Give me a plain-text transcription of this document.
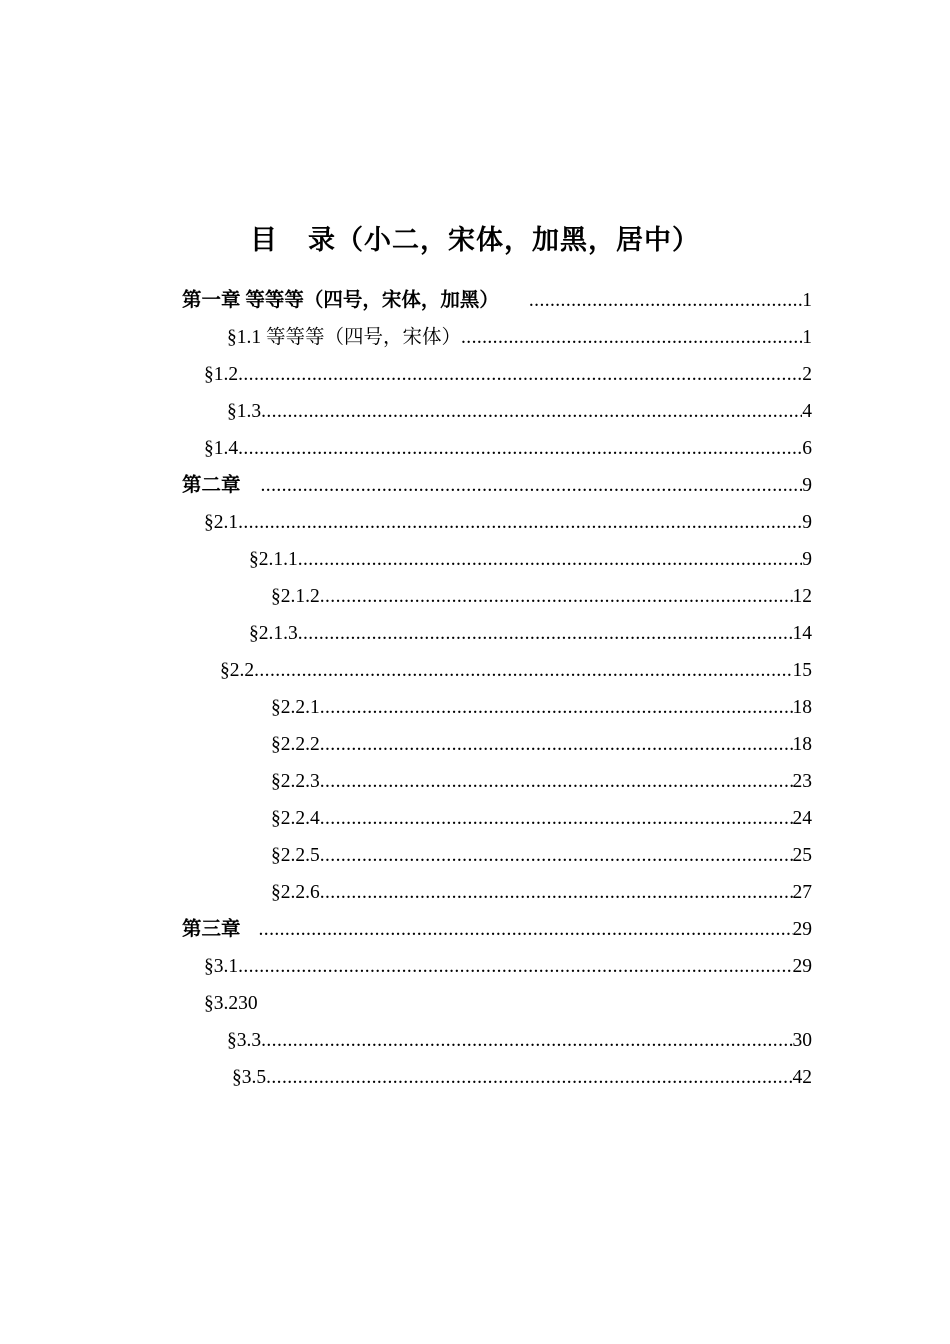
目 录（小二，宋体，加黑，居中）
第一章 等等等（四号，宋体，加黑） .....	1
§1.1 等等等（四号，宋体） .....	1
§1.2 .....	2
§1.3 .....	4
§1.4 .....	6
第二章 .....	9
§2.1 .....	9
§2.1.1 .....	9
§2.1.2 .....	12
§2.1.3 .....	14
§2.2 .....	15
§2.2.1 .....	18
§2.2.2 .....	18
§2.2.3 .....	23
§2.2.4 .....	24
§2.2.5 .....	25
§2.2.6 .....	27
第三章 .....	29
§3.1 .....	29
§3.230
§3.3 .....	30
§3.5 .....	42
